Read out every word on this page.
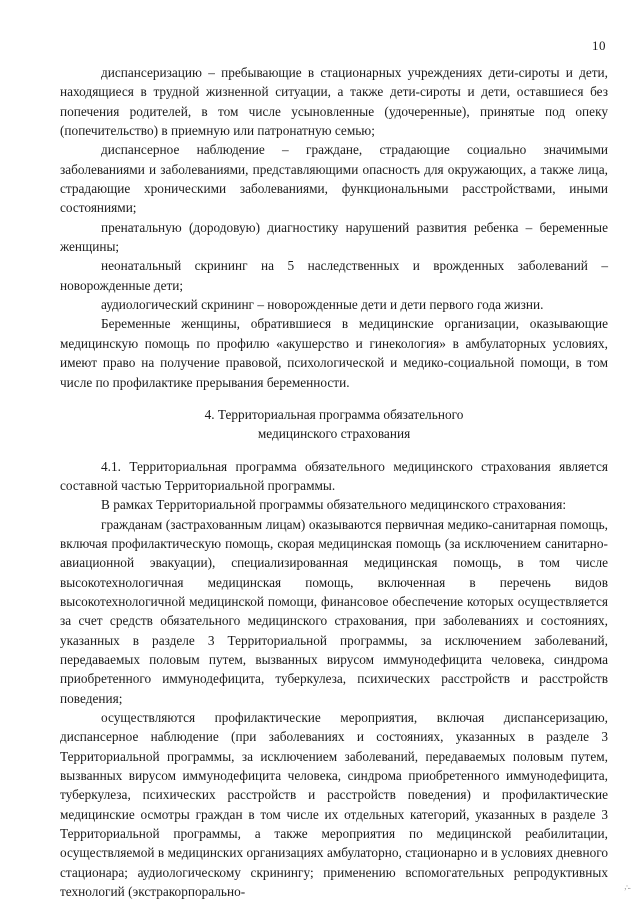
10

диспансеризацию – пребывающие в стационарных учреждениях дети-сироты и дети, находящиеся в трудной жизненной ситуации, а также дети-сироты и дети, оставшиеся без попечения родителей, в том числе усыновленные (удочеренные), принятые под опеку (попечительство) в приемную или патронатную семью;

диспансерное наблюдение – граждане, страдающие социально значимыми заболеваниями и заболеваниями, представляющими опасность для окружающих, а также лица, страдающие хроническими заболеваниями, функциональными расстройствами, иными состояниями;

пренатальную (дородовую) диагностику нарушений развития ребенка – беременные женщины;

неонатальный скрининг на 5 наследственных и врожденных заболеваний – новорожденные дети;

аудиологический скрининг – новорожденные дети и дети первого года жизни.

Беременные женщины, обратившиеся в медицинские организации, оказывающие медицинскую помощь по профилю «акушерство и гинекология» в амбулаторных условиях, имеют право на получение правовой, психологической и медико-социальной помощи, в том числе по профилактике прерывания беременности.

4. Территориальная программа обязательного
медицинского страхования

4.1. Территориальная программа обязательного медицинского страхования является составной частью Территориальной программы.

В рамках Территориальной программы обязательного медицинского страхования:

гражданам (застрахованным лицам) оказываются первичная медико-санитарная помощь, включая профилактическую помощь, скорая медицинская помощь (за исключением санитарно-авиационной эвакуации), специализированная медицинская помощь, в том числе высокотехнологичная медицинская помощь, включенная в перечень видов высокотехнологичной медицинской помощи, финансовое обеспечение которых осуществляется за счет средств обязательного медицинского страхования, при заболеваниях и состояниях, указанных в разделе 3 Территориальной программы, за исключением заболеваний, передаваемых половым путем, вызванных вирусом иммунодефицита человека, синдрома приобретенного иммунодефицита, туберкулеза, психических расстройств и расстройств поведения;

осуществляются профилактические мероприятия, включая диспансеризацию, диспансерное наблюдение (при заболеваниях и состояниях, указанных в разделе 3 Территориальной программы, за исключением заболеваний, передаваемых половым путем, вызванных вирусом иммунодефицита человека, синдрома приобретенного иммунодефицита, туберкулеза, психических расстройств и расстройств поведения) и профилактические медицинские осмотры граждан в том числе их отдельных категорий, указанных в разделе 3 Территориальной программы, а также мероприятия по медицинской реабилитации, осуществляемой в медицинских организациях амбулаторно, стационарно и в условиях дневного стационара; аудиологическому скринингу; применению вспомогательных репродуктивных технологий (экстракорпорально-	,·..
